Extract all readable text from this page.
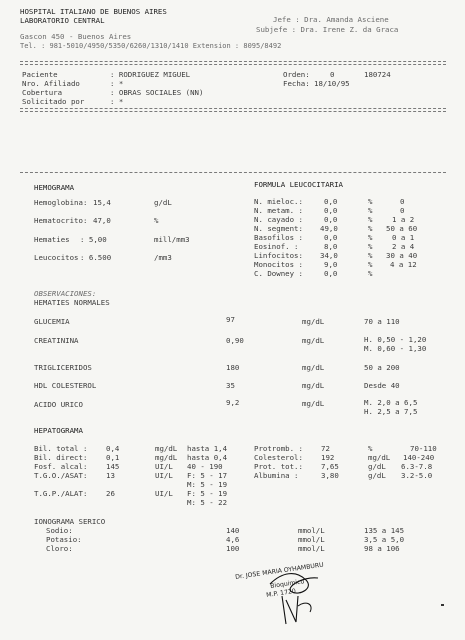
HOSPITAL ITALIANO DE BUENOS AIRES
LABORATORIO CENTRAL
Gascon 450 - Buenos Aires
Tel. : 981-5010/4950/5350/6260/1310/1410 Extension : 8095/8492
Jefe : Dra. Amanda Asciene
Subjefe : Dra. Irene Z. da Graca
Paciente	: RODRIGUEZ MIGUEL
Nro. Afiliado	: *
Cobertura	: OBRAS SOCIALES (NN)
Solicitado por	: *
Orden:	0	180724
Fecha: 18/10/95
HEMOGRAMA
Hemoglobina: 15,4	g/dL
Hematocrito: 47,0	%
Hematies : 5,00	mill/mm3
Leucocitos : 6.500	/mm3
FORMULA LEUCOCITARIA
N. mieloc.:	0,0	%	0
N. metam. :	0,0	%	0
N. cayado :	0,0	%	1 a 2
N. segment: 49,0	% 50 a 60
Basofilos :	0,0	%	0 a 1
Eosinof. :	8,0	%	2 a 4
Linfocitos: 34,0	% 30 a 40
Monocitos :	9,0	% 4 a 12
C. Downey :	0,0	%
OBSERVACIONES:
HEMATIES NORMALES
GLUCEMIA	97	mg/dL	70 a 110
CREATININA	0,90	mg/dL	H. 0,50 - 1,20
M. 0,60 - 1,30
TRIGLICERIDOS	180	mg/dL	50 a 200
HDL COLESTEROL	35	mg/dL	Desde 40
ACIDO URICO	9,2	mg/dL	M. 2,0 a 6,5
H. 2,5 a 7,5
HEPATOGRAMA
Bil. total :	0,4	mg/dL hasta 1,4
Bil. direct:	0,1	mg/dL hasta 0,4
Fosf. alcal:	145	UI/L 40 - 190
T.G.O./ASAT:	13	UI/L F: 5 - 17
M: 5 - 19
T.G.P./ALAT:	26	UI/L F: 5 - 19
M: 5 - 22
Protromb. : 72	%	70-110
Colesterol: 192	mg/dL 140-240
Prot. tot.: 7,65	g/dL 6.3-7.8
Albumina :	3,80	g/dL 3.2-5.0
IONOGRAMA SERICO
Sodio:	140	mmol/L	135 a 145
Potasio:	4,6	mmol/L	3,5 a 5,0
Cloro:	100	mmol/L	98 a 106
Dr. JOSE MARIA OYHAMBURU
Bioquimico
M.P. 1720
